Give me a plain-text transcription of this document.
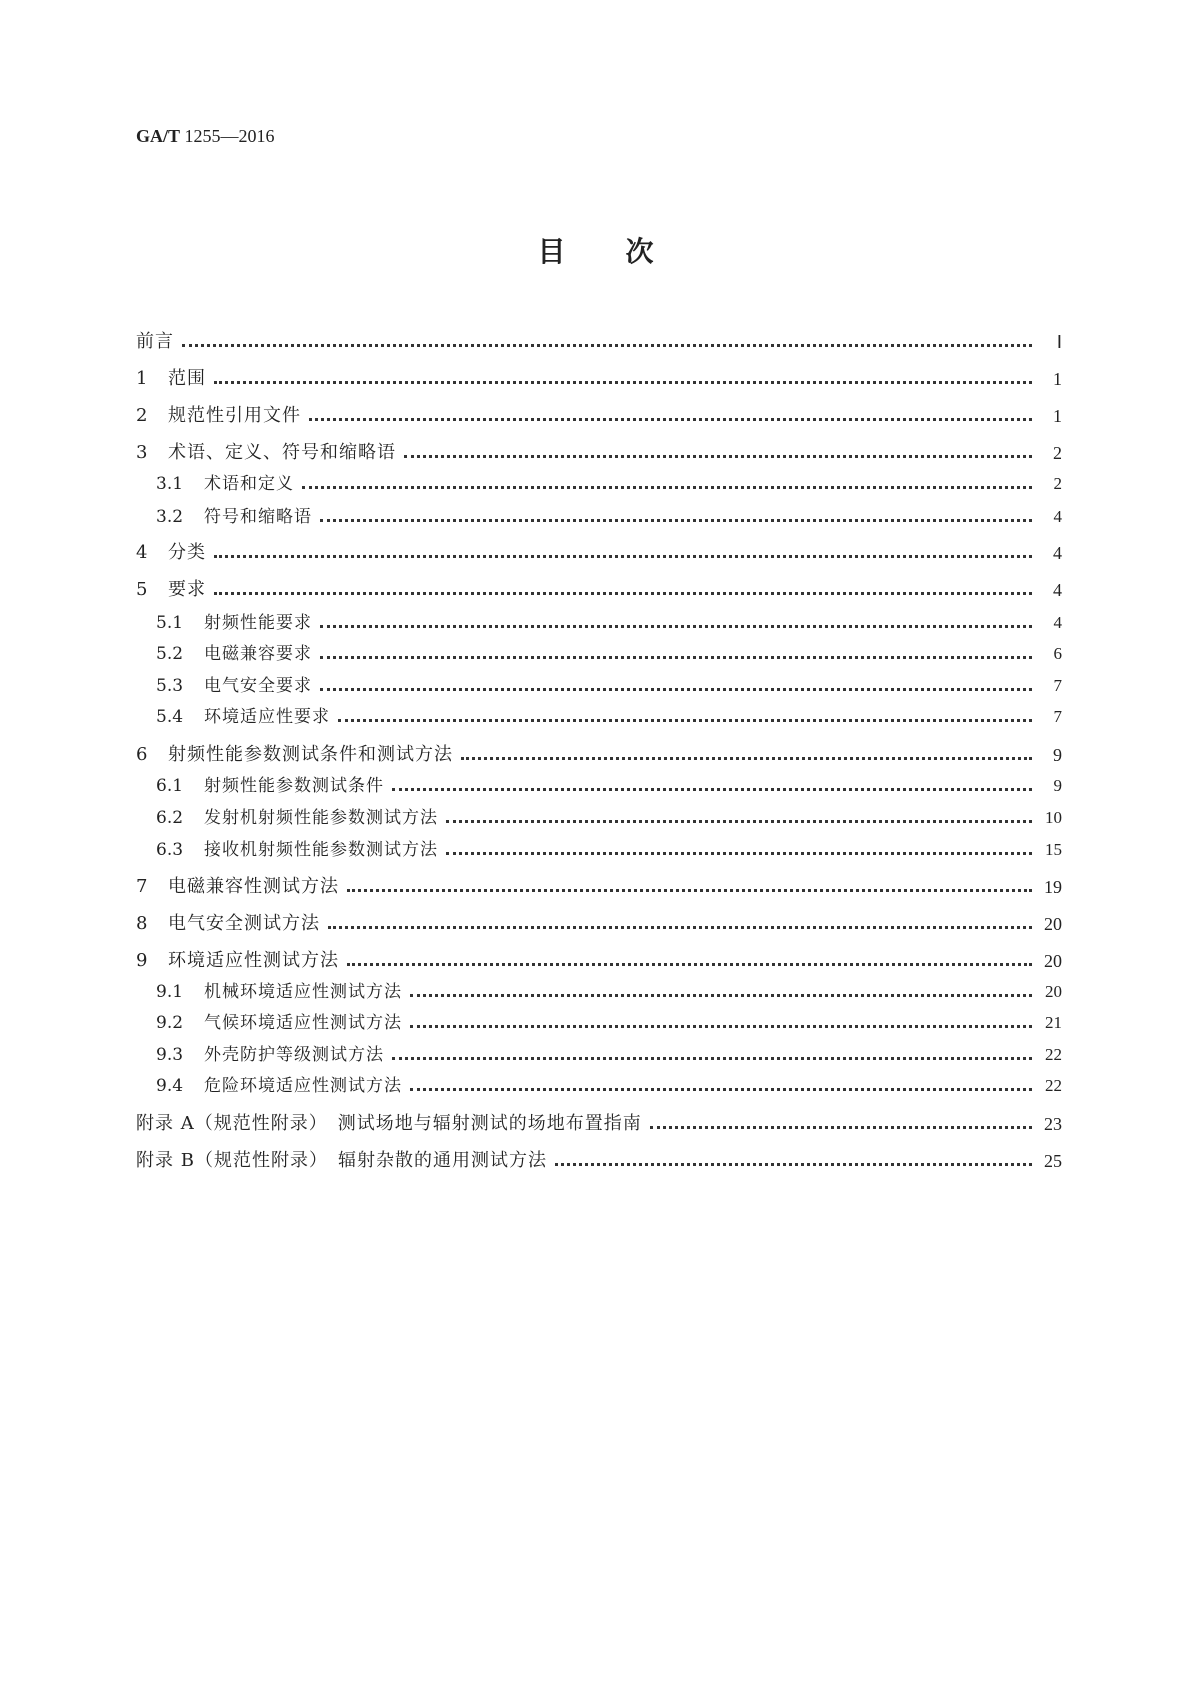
GA/T 1255—2016
目次
前言	Ⅰ
1	范围	1
2	规范性引用文件	1
3	术语、定义、符号和缩略语	2
3.1	术语和定义	2
3.2	符号和缩略语	4
4	分类	4
5	要求	4
5.1	射频性能要求	4
5.2	电磁兼容要求	6
5.3	电气安全要求	7
5.4	环境适应性要求	7
6	射频性能参数测试条件和测试方法	9
6.1	射频性能参数测试条件	9
6.2	发射机射频性能参数测试方法	10
6.3	接收机射频性能参数测试方法	15
7	电磁兼容性测试方法	19
8	电气安全测试方法	20
9	环境适应性测试方法	20
9.1	机械环境适应性测试方法	20
9.2	气候环境适应性测试方法	21
9.3	外壳防护等级测试方法	22
9.4	危险环境适应性测试方法	22
附录 A（规范性附录）　测试场地与辐射测试的场地布置指南	23
附录 B（规范性附录）　辐射杂散的通用测试方法	25
